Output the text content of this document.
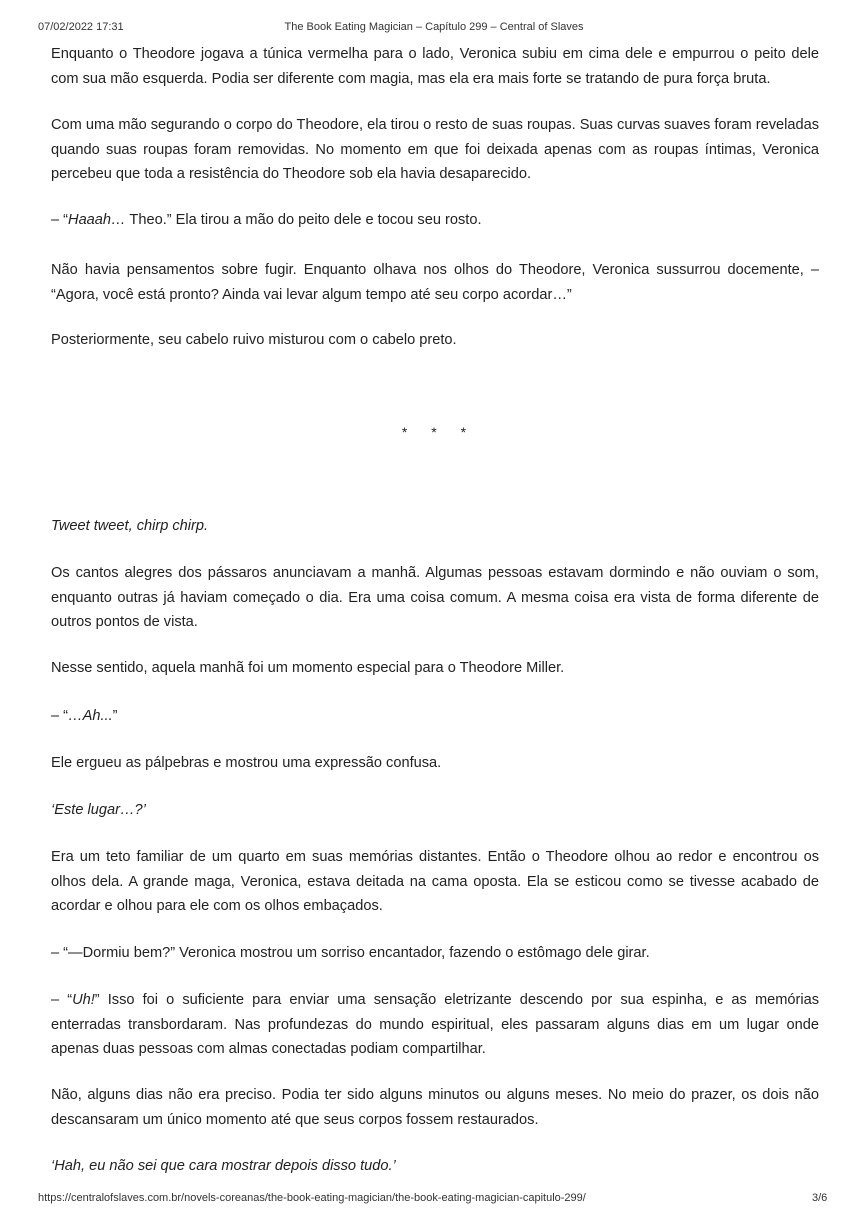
07/02/2022 17:31	The Book Eating Magician – Capítulo 299 – Central of Slaves

Enquanto o Theodore jogava a túnica vermelha para o lado, Veronica subiu em cima dele e empurrou o peito dele com sua mão esquerda. Podia ser diferente com magia, mas ela era mais forte se tratando de pura força bruta.

Com uma mão segurando o corpo do Theodore, ela tirou o resto de suas roupas. Suas curvas suaves foram reveladas quando suas roupas foram removidas. No momento em que foi deixada apenas com as roupas íntimas, Veronica percebeu que toda a resistência do Theodore sob ela havia desaparecido.

– “Haaah… Theo.” Ela tirou a mão do peito dele e tocou seu rosto.

Não havia pensamentos sobre fugir. Enquanto olhava nos olhos do Theodore, Veronica sussurrou docemente, – “Agora, você está pronto? Ainda vai levar algum tempo até seu corpo acordar…”

Posteriormente, seu cabelo ruivo misturou com o cabelo preto.

Tweet tweet, chirp chirp.

Os cantos alegres dos pássaros anunciavam a manhã. Algumas pessoas estavam dormindo e não ouviam o som, enquanto outras já haviam começado o dia. Era uma coisa comum. A mesma coisa era vista de forma diferente de outros pontos de vista.

Nesse sentido, aquela manhã foi um momento especial para o Theodore Miller.

– “…Ah...”

Ele ergueu as pálpebras e mostrou uma expressão confusa.

‘Este lugar…?’

Era um teto familiar de um quarto em suas memórias distantes. Então o Theodore olhou ao redor e encontrou os olhos dela. A grande maga, Veronica, estava deitada na cama oposta. Ela se esticou como se tivesse acabado de acordar e olhou para ele com os olhos embaçados.

– “—Dormiu bem?” Veronica mostrou um sorriso encantador, fazendo o estômago dele girar.

– “Uh!” Isso foi o suficiente para enviar uma sensação eletrizante descendo por sua espinha, e as memórias enterradas transbordaram. Nas profundezas do mundo espiritual, eles passaram alguns dias em um lugar onde apenas duas pessoas com almas conectadas podiam compartilhar.

Não, alguns dias não era preciso. Podia ter sido alguns minutos ou alguns meses. No meio do prazer, os dois não descansaram um único momento até que seus corpos fossem restaurados.

‘Hah, eu não sei que cara mostrar depois disso tudo.’

* * *
https://centralofslaves.com.br/novels-coreanas/the-book-eating-magician/the-book-eating-magician-capitulo-299/	3/6
